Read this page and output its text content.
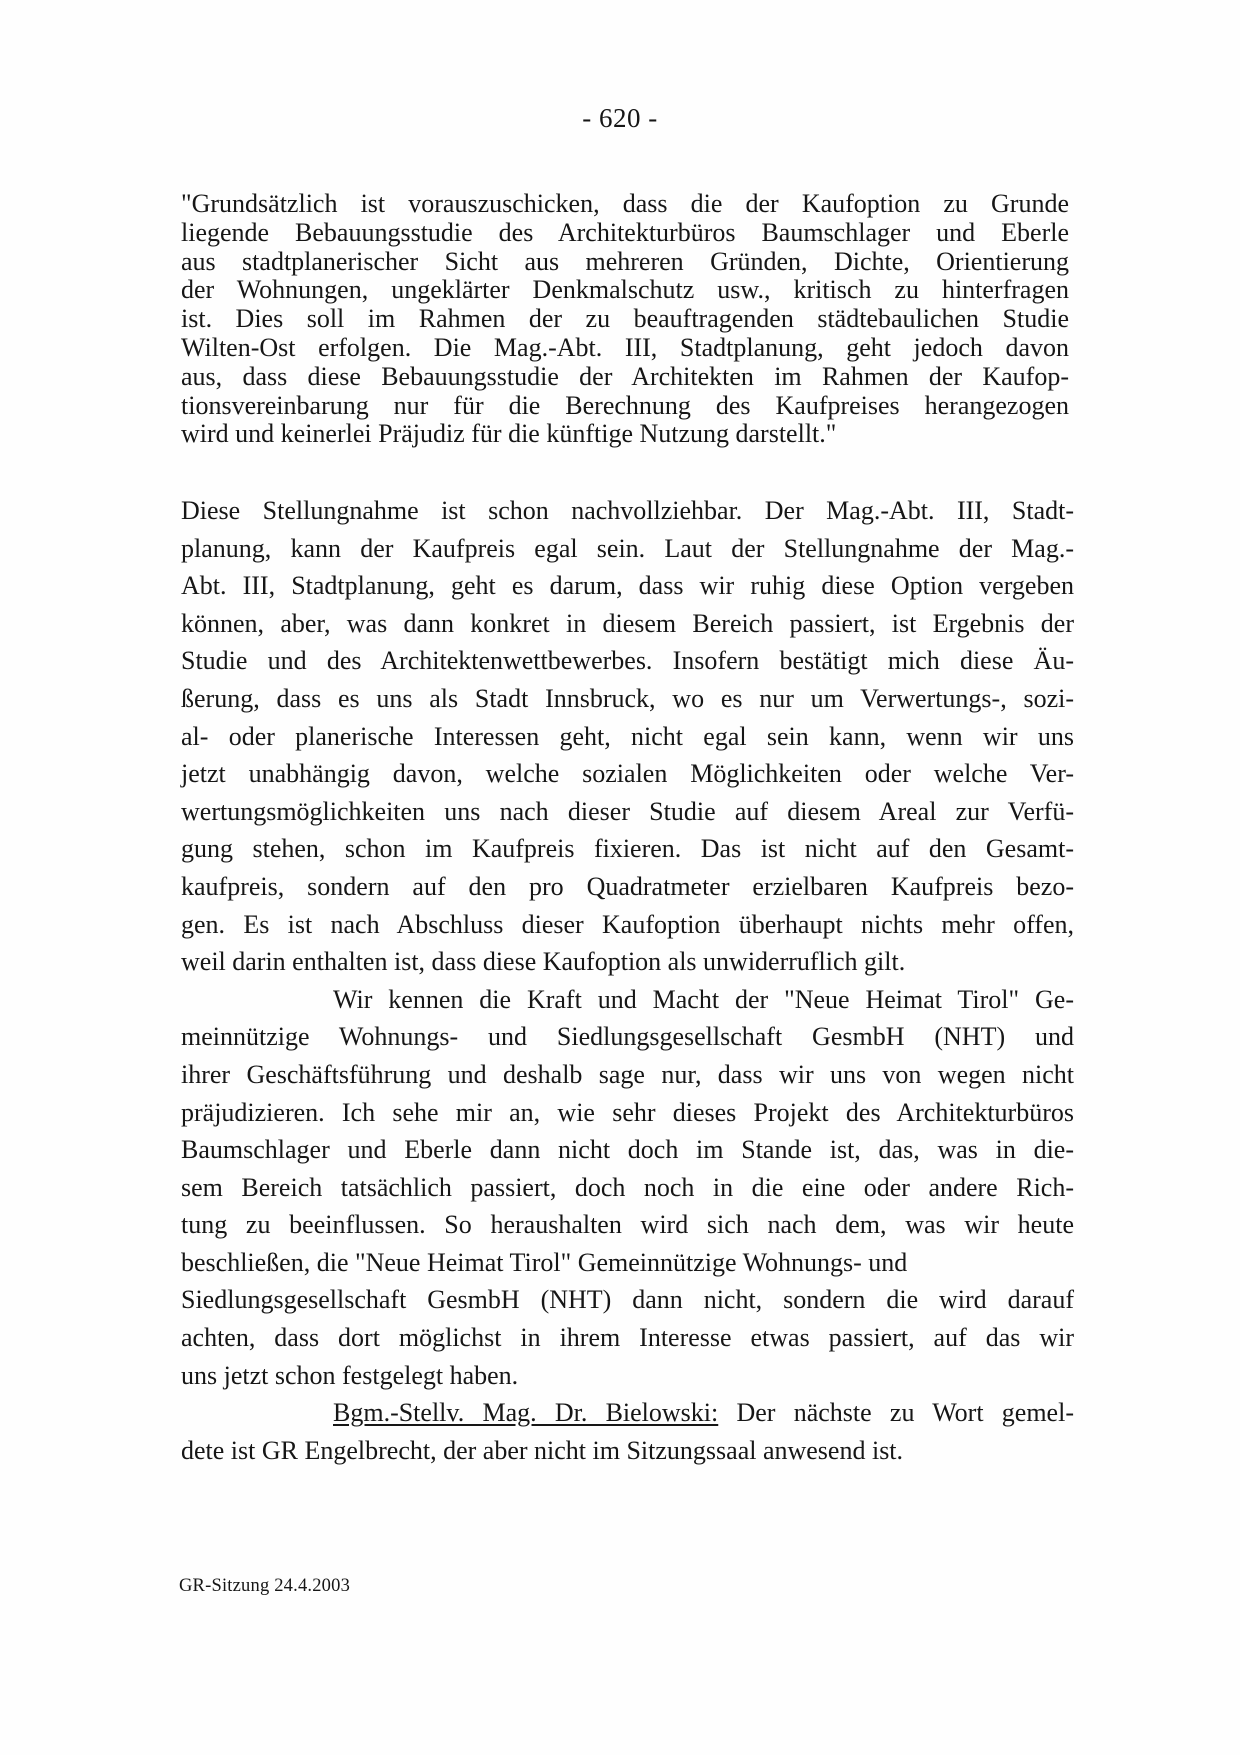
- 620 -
"Grundsätzlich ist vorauszuschicken, dass die der Kaufoption zu Grunde
liegende Bebauungsstudie des Architekturbüros Baumschlager und Eberle
aus stadtplanerischer Sicht aus mehreren Gründen, Dichte, Orientierung
der Wohnungen, ungeklärter Denkmalschutz usw., kritisch zu hinterfragen
ist. Dies soll im Rahmen der zu beauftragenden städtebaulichen Studie
Wilten-Ost erfolgen. Die Mag.-Abt. III, Stadtplanung, geht jedoch davon
aus, dass diese Bebauungsstudie der Architekten im Rahmen der Kaufop-
tionsvereinbarung nur für die Berechnung des Kaufpreises herangezogen
wird und keinerlei Präjudiz für die künftige Nutzung darstellt."
Diese Stellungnahme ist schon nachvollziehbar. Der Mag.-Abt. III, Stadt-
planung, kann der Kaufpreis egal sein. Laut der Stellungnahme der Mag.-
Abt. III, Stadtplanung, geht es darum, dass wir ruhig diese Option vergeben
können, aber, was dann konkret in diesem Bereich passiert, ist Ergebnis der
Studie und des Architektenwettbewerbes. Insofern bestätigt mich diese Äu-
ßerung, dass es uns als Stadt Innsbruck, wo es nur um Verwertungs-, sozi-
al- oder planerische Interessen geht, nicht egal sein kann, wenn wir uns
jetzt unabhängig davon, welche sozialen Möglichkeiten oder welche Ver-
wertungsmöglichkeiten uns nach dieser Studie auf diesem Areal zur Verfü-
gung stehen, schon im Kaufpreis fixieren. Das ist nicht auf den Gesamt-
kaufpreis, sondern auf den pro Quadratmeter erzielbaren Kaufpreis bezo-
gen. Es ist nach Abschluss dieser Kaufoption überhaupt nichts mehr offen,
weil darin enthalten ist, dass diese Kaufoption als unwiderruflich gilt.
Wir kennen die Kraft und Macht der "Neue Heimat Tirol" Ge-
meinnützige Wohnungs- und Siedlungsgesellschaft GesmbH (NHT) und
ihrer Geschäftsführung und deshalb sage nur, dass wir uns von wegen nicht
präjudizieren. Ich sehe mir an, wie sehr dieses Projekt des Architekturbüros
Baumschlager und Eberle dann nicht doch im Stande ist, das, was in die-
sem Bereich tatsächlich passiert, doch noch in die eine oder andere Rich-
tung zu beeinflussen. So heraushalten wird sich nach dem, was wir heute
beschließen, die "Neue Heimat Tirol" Gemeinnützige Wohnungs- und
Siedlungsgesellschaft GesmbH (NHT) dann nicht, sondern die wird darauf
achten, dass dort möglichst in ihrem Interesse etwas passiert, auf das wir
uns jetzt schon festgelegt haben.
Bgm.-Stellv. Mag. Dr. Bielowski: Der nächste zu Wort gemel-
dete ist GR Engelbrecht, der aber nicht im Sitzungssaal anwesend ist.
GR-Sitzung 24.4.2003
